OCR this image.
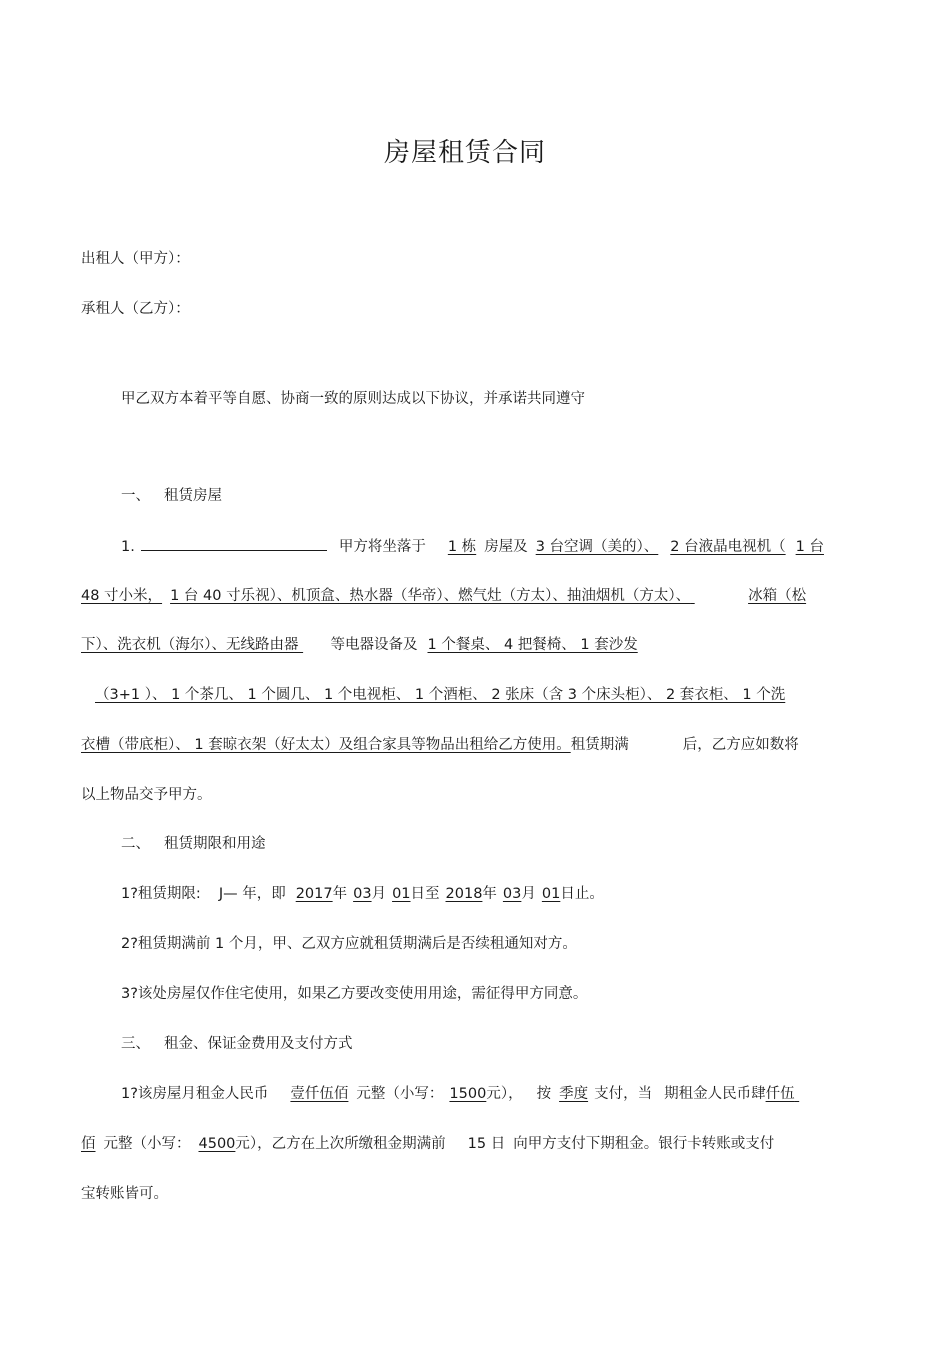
房屋租赁合同
出租人（甲方）：
承租人（乙方）：
甲乙双方本着平等自愿、协商一致的原则达成以下协议，并承诺共同遵守
一、 租赁房屋
1.	甲方将坐落于 1 栋 房屋及 3 台空调（美的）、 2 台液晶电视机（ 1 台
48 寸小米， 1 台 40 寸乐视）、机顶盒、热水器（华帝）、燃气灶（方太）、抽油烟机（方太）、	冰箱（松
下）、洗衣机（海尔）、无线路由器 等电器设备及 1 个餐桌、 4 把餐椅、 1 套沙发
（3+1 ）、 1 个茶几、 1 个圆几、 1 个电视柜、 1 个酒柜、 2 张床（含 3 个床头柜）、 2 套衣柜、 1 个洗
衣槽（带底柜）、 1 套晾衣架（好太太）及组合家具等物品出租给乙方使用。租赁期满	后，乙方应如数将
以上物品交予甲方。
二、 租赁期限和用途
1?租赁期限: J— 年，即 2017年 03月 01日至 2018年 03月 01日止。
2?租赁期满前 1 个月，甲、乙双方应就租赁期满后是否续租通知对方。
3?该处房屋仅作住宅使用，如果乙方要改变使用用途，需征得甲方同意。
三、 租金、保证金费用及支付方式
1?该房屋月租金人民币 壹仟伍佰 元整（小写： 1500元）， 按 季度 支付，当 期租金人民币肆仟伍
佰 元整（小写： 4500元），乙方在上次所缴租金期满前 15 日 向甲方支付下期租金。银行卡转账或支付
宝转账皆可。
